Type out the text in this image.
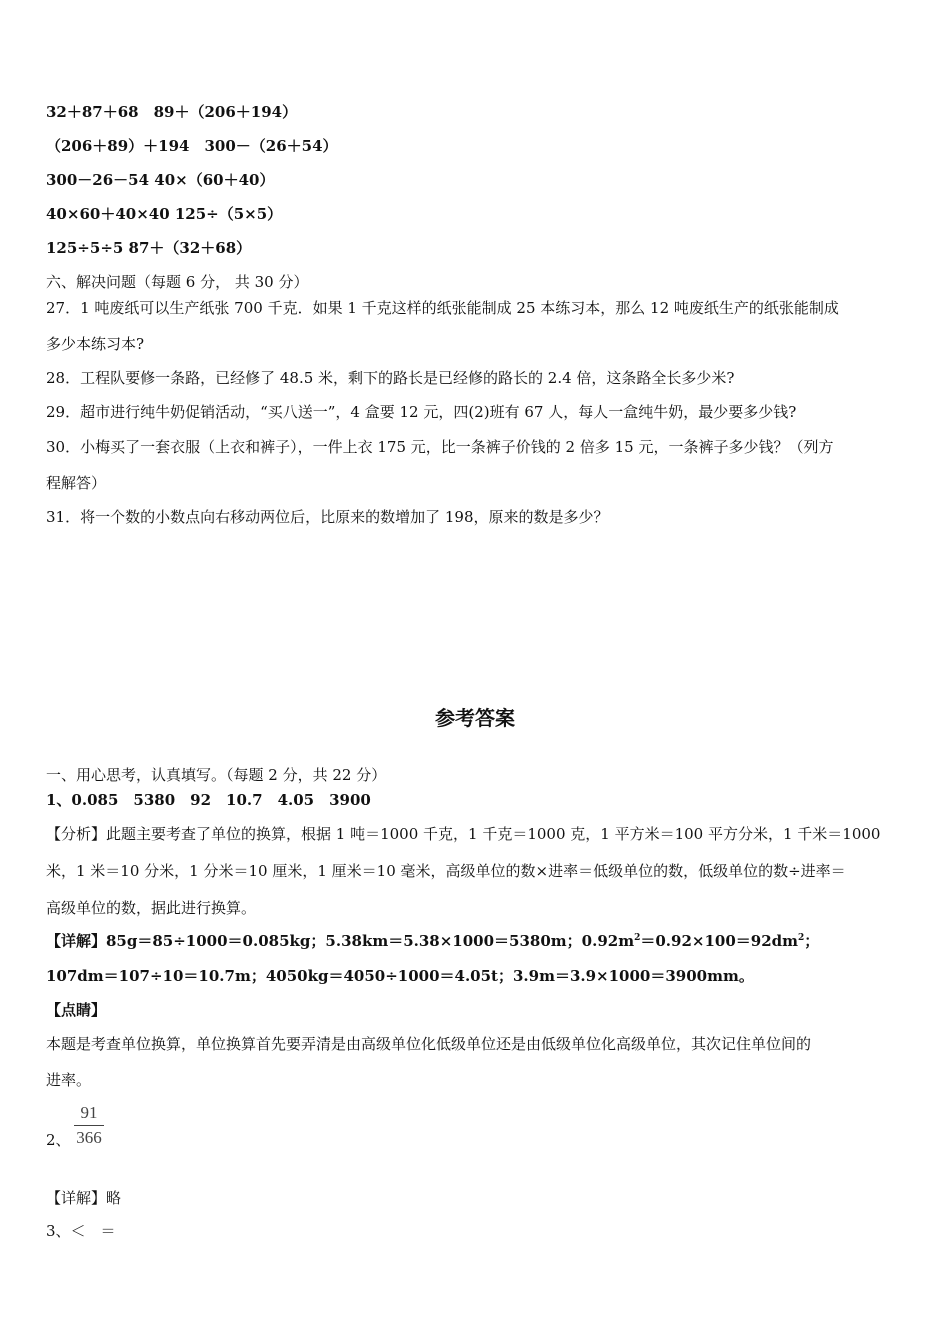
32＋87＋68　89＋（206＋194）
（206＋89）＋194　300－（26＋54）
300－26－54 40×（60＋40）
40×60＋40×40 125÷（5×5）
125÷5÷5 87＋（32＋68）
六、解决问题（每题 6 分， 共 30 分）
27．1 吨废纸可以生产纸张 700 千克．如果 1 千克这样的纸张能制成 25 本练习本，那么 12 吨废纸生产的纸张能制成
多少本练习本?
28．工程队要修一条路，已经修了 48.5 米，剩下的路长是已经修的路长的 2.4 倍，这条路全长多少米?
29．超市进行纯牛奶促销活动，“买八送一”，4 盒要 12 元，四(2)班有 67 人，每人一盒纯牛奶，最少要多少钱?
30．小梅买了一套衣服（上衣和裤子），一件上衣 175 元，比一条裤子价钱的 2 倍多 15 元，一条裤子多少钱？（列方
程解答）
31．将一个数的小数点向右移动两位后，比原来的数增加了 198，原来的数是多少？
参考答案
一、用心思考，认真填写。（每题 2 分，共 22 分）
1、0.085　5380　92　10.7　4.05　3900
【分析】此题主要考查了单位的换算，根据 1 吨＝1000 千克，1 千克＝1000 克，1 平方米＝100 平方分米，1 千米＝1000
米，1 米＝10 分米，1 分米＝10 厘米，1 厘米＝10 毫米，高级单位的数×进率＝低级单位的数，低级单位的数÷进率＝
高级单位的数，据此进行换算。
【详解】85g＝85÷1000＝0.085kg；5.38km＝5.38×1000＝5380m；$0.92m^2=0.92\times 100=92dm^2$；
107dm＝107÷10＝10.7m；4050kg＝4050÷1000＝4.05t；3.9m＝3.9×1000＝3900mm。
【点睛】
本题是考查单位换算，单位换算首先要弄清是由高级单位化低级单位还是由低级单位化高级单位，其次记住单位间的
进率。
2、 $\frac{91}{366}$
【详解】略
3、＜　＝
